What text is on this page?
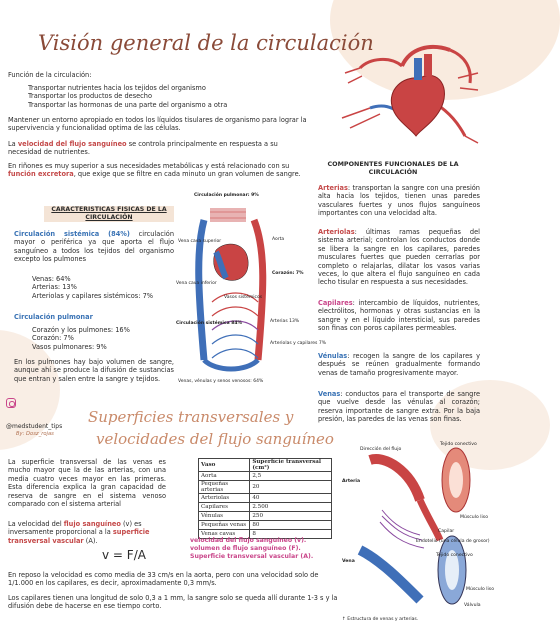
Visión general de la circulación
Función de la circulación:
Transportar nutrientes hacia los tejidos del organismo
Transportar los productos de desecho
Transportar las hormonas de una parte del organismo a otra
Mantener un entorno apropiado en todos los líquidos tisulares de organismo para lograr la supervivencia y funcionalidad optima de las células.
La velocidad del flujo sanguíneo se controla principalmente en respuesta a su necesidad de nutrientes.
En riñones es muy superior a sus necesidades metabólicas y está relacionado con su función excretora, que exige que se filtre en cada minuto un gran volumen de sangre.
CARACTERISTICAS FISICAS DE LA CIRCULACIÓN
Circulación sistémica (84%) circulación mayor o periférica ya que aporta el flujo sanguíneo a todos los tejidos del organismo excepto los pulmones
Venas: 64%
Arterias: 13%
Arteriolas y capilares sistémicos: 7%
Circulación pulmonar
Corazón y los pulmones: 16%
Corazón: 7%
Vasos pulmonares: 9%
En los pulmones hay bajo volumen de sangre, aunque ahí se produce la difusión de sustancias que entran y salen entre la sangre y tejidos.
Circulación pulmonar: 9%
Vena cava superior	Aorta
Corazón: 7%
Vena cava inferior
Vasos sistémicos
Arterias 13%
Arteriolas y capilares 7%
Circulación sistémica 84%
Venas, vénulas y senos venosos: 64%
COMPONENTES FUNCIONALES DE LA CIRCULACIÓN
Arterias: transportan la sangre con una presión alta hacia los tejidos, tienen unas paredes vasculares fuertes y unos flujos sanguíneos importantes con una velocidad alta.
Arteriolas: últimas ramas pequeñas del sistema arterial; controlan los conductos donde se libera la sangre en los capilares, paredes musculares fuertes que pueden cerrarlas por completo o relajarlas, dilatar los vasos varias veces, lo que altera el flujo sanguíneo en cada lecho tisular en respuesta a sus necesidades.
Capilares: intercambio de líquidos, nutrientes, electrólitos, hormonas y otras sustancias en la sangre y en el líquido intersticial, sus paredes son finas con poros capilares permeables.
Vénulas: recogen la sangre de los capilares y después se reúnen gradualmente formando venas de tamaño progresivamente mayor.
Venas: conductos para el transporte de sangre que vuelve desde las vénulas al corazón; reserva importante de sangre extra. Por la baja presión, las paredes de las venas son finas.
@medstudent_tips
By: Dosz_rojas
Superficies transversales y
velocidades del flujo sanguíneo
La superficie transversal de las venas es mucho mayor que la de las arterias, con una media cuatro veces mayor en las primeras. Esta diferencia explica la gran capacidad de reserva de sangre en el sistema venoso comparado con el sistema arterial
La velocidad del flujo sanguíneo (v) es inversamente proporcional a la superficie transversal vascular (A).
Vaso	Superficie transversal (cm²)
Aorta	2,5
Pequeñas arterias	20
Arteriolas	40
Capilares	2.500
Vénulas	250
Pequeñas venas	80
Venas cavas	8
v = F/A
velocidad del flujo sanguíneo (v).
volumen de flujo sanguíneo (F).
Superficie transversal vascular (A).
En reposo la velocidad es como media de 33 cm/s en la aorta, pero con una velocidad solo de 1/1.000 en los capilares, es decir, aproximadamente 0,3 mm/s.
Los capilares tienen una longitud de solo 0,3 a 1 mm, la sangre solo se queda allí durante 1-3 s y la difusión debe de hacerse en ese tiempo corto.
Dirección del flujo
Arteria
Tejido conectivo
Músculo liso
Capilar
Endotelio (una célula de grosor)
Vena
Tejido conectivo
Músculo liso
Válvula
↑ Estructura de venas y arterias.
